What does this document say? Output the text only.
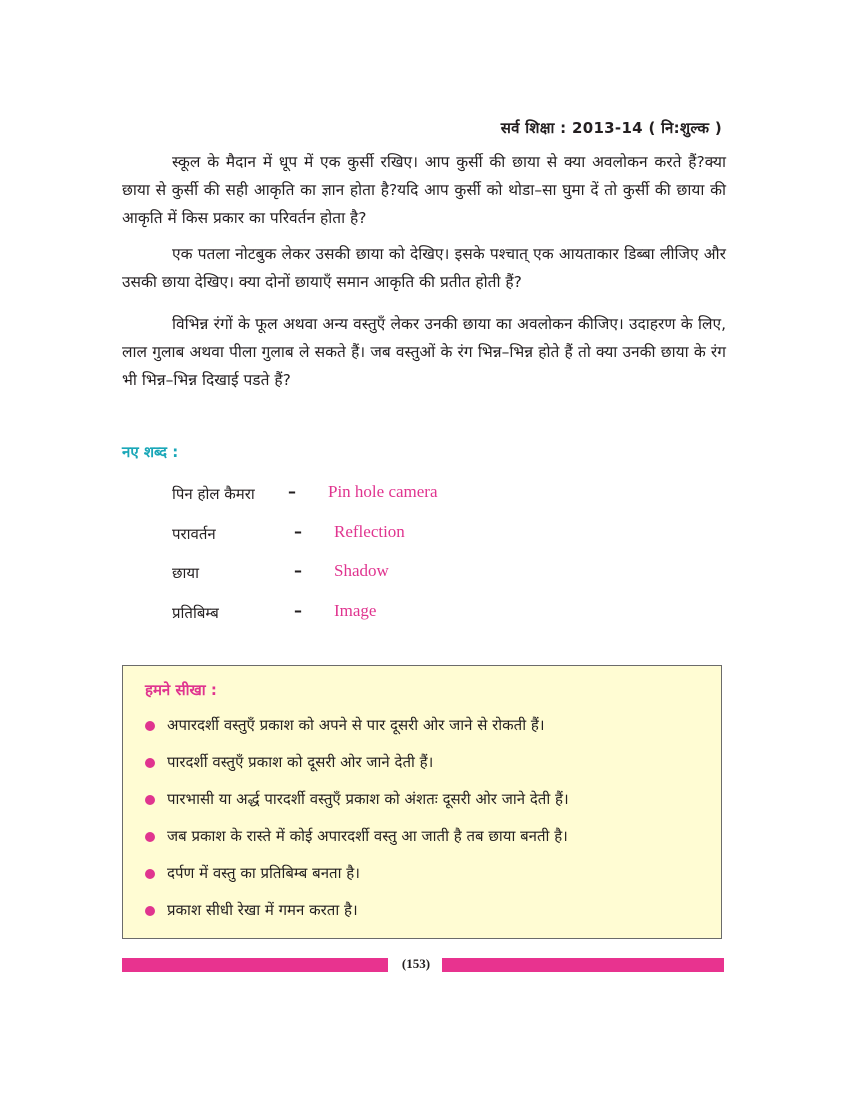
सर्व शिक्षा : 2013-14 ( नि:शुल्क )

स्कूल के मैदान में धूप में एक कुर्सी रखिए। आप कुर्सी की छाया से क्या अवलोकन करते हैं?क्या छाया से कुर्सी की सही आकृति का ज्ञान होता है?यदि आप कुर्सी को थोडा–सा घुमा दें तो कुर्सी की छाया की आकृति में किस प्रकार का परिवर्तन होता है?

एक पतला नोटबुक लेकर उसकी छाया को देखिए। इसके पश्चात् एक आयताकार डिब्बा लीजिए और उसकी छाया देखिए। क्या दोनों छायाएँ समान आकृति की प्रतीत होती हैं?

विभिन्न रंगों के फूल अथवा अन्य वस्तुएँ लेकर उनकी छाया का अवलोकन कीजिए। उदाहरण के लिए, लाल गुलाब अथवा पीला गुलाब ले सकते हैं। जब वस्तुओं के रंग भिन्न–भिन्न होते हैं तो क्या उनकी छाया के रंग भी भिन्न–भिन्न दिखाई पडते हैं?

नए शब्द :
पिन होल कैमरा – Pin hole camera
परावर्तन	– Reflection
छाया	– Shadow
प्रतिबिम्ब	– Image
हमने सीखा :
अपारदर्शी वस्तुएँ प्रकाश को अपने से पार दूसरी ओर जाने से रोकती हैं।
पारदर्शी वस्तुएँ प्रकाश को दूसरी ओर जाने देती हैं।
पारभासी या अर्द्ध पारदर्शी वस्तुएँ प्रकाश को अंशतः दूसरी ओर जाने देती हैं।
जब प्रकाश के रास्ते में कोई अपारदर्शी वस्तु आ जाती है तब छाया बनती है।
दर्पण में वस्तु का प्रतिबिम्ब बनता है।
प्रकाश सीधी रेखा में गमन करता है।
(153)
